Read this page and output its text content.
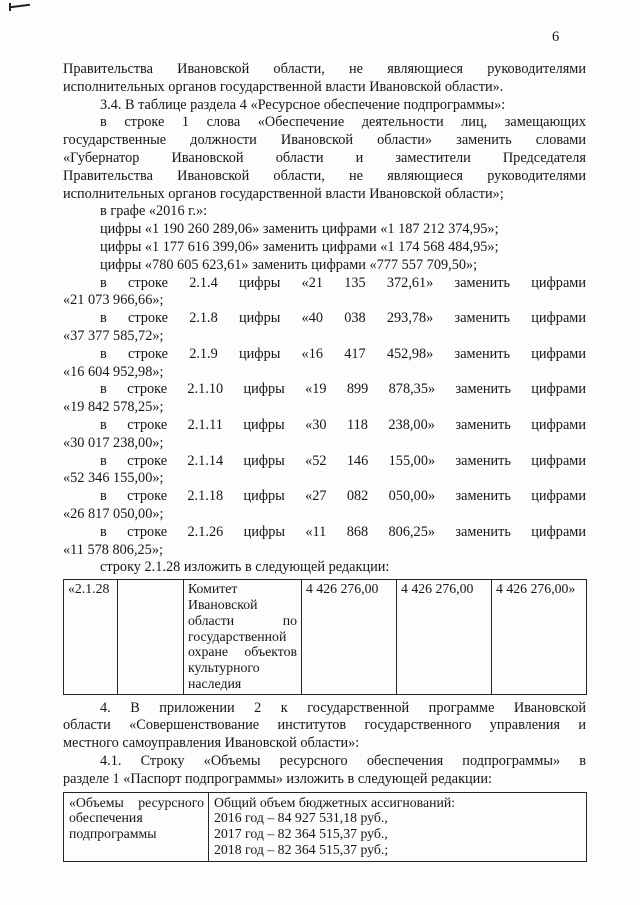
6

Правительства Ивановской области, не являющиеся руководителями
исполнительных органов государственной власти Ивановской области».

3.4. В таблице раздела 4 «Ресурсное обеспечение подпрограммы»:

в строке 1 слова «Обеспечение деятельности лиц, замещающих
государственные должности Ивановской области» заменить словами
«Губернатор Ивановской области и заместители Председателя
Правительства Ивановской области, не являющиеся руководителями
исполнительных органов государственной власти Ивановской области»;

в графе «2016 г.»:

цифры «1 190 260 289,06» заменить цифрами «1 187 212 374,95»;

цифры «1 177 616 399,06» заменить цифрами «1 174 568 484,95»;

цифры «780 605 623,61» заменить цифрами «777 557 709,50»;

в строке 2.1.4 цифры «21 135 372,61» заменить цифрами
«21 073 966,66»;

в строке 2.1.8 цифры «40 038 293,78» заменить цифрами
«37 377 585,72»;

в строке 2.1.9 цифры «16 417 452,98» заменить цифрами
«16 604 952,98»;

в строке 2.1.10 цифры «19 899 878,35» заменить цифрами
«19 842 578,25»;

в строке 2.1.11 цифры «30 118 238,00» заменить цифрами
«30 017 238,00»;

в строке 2.1.14 цифры «52 146 155,00» заменить цифрами
«52 346 155,00»;

в строке 2.1.18 цифры «27 082 050,00» заменить цифрами
«26 817 050,00»;

в строке 2.1.26 цифры «11 868 806,25» заменить цифрами
«11 578 806,25»;

строку 2.1.28 изложить в следующей редакции:

«2.1.28		Комитет Ивановской области по государственной охране объектов культурного наследия	4 426 276,00	4 426 276,00	4 426 276,00»

4. В приложении 2 к государственной программе Ивановской
области «Совершенствование институтов государственного управления и
местного самоуправления Ивановской области»:

4.1. Строку «Объемы ресурсного обеспечения подпрограммы» в
разделе 1 «Паспорт подпрограммы» изложить в следующей редакции:

«Объемы ресурсного обеспечения подпрограммы	
Общий объем бюджетных ассигнований:
2016 год – 84 927 531,18 руб.,
2017 год – 82 364 515,37 руб.,
2018 год – 82 364 515,37 руб.;
